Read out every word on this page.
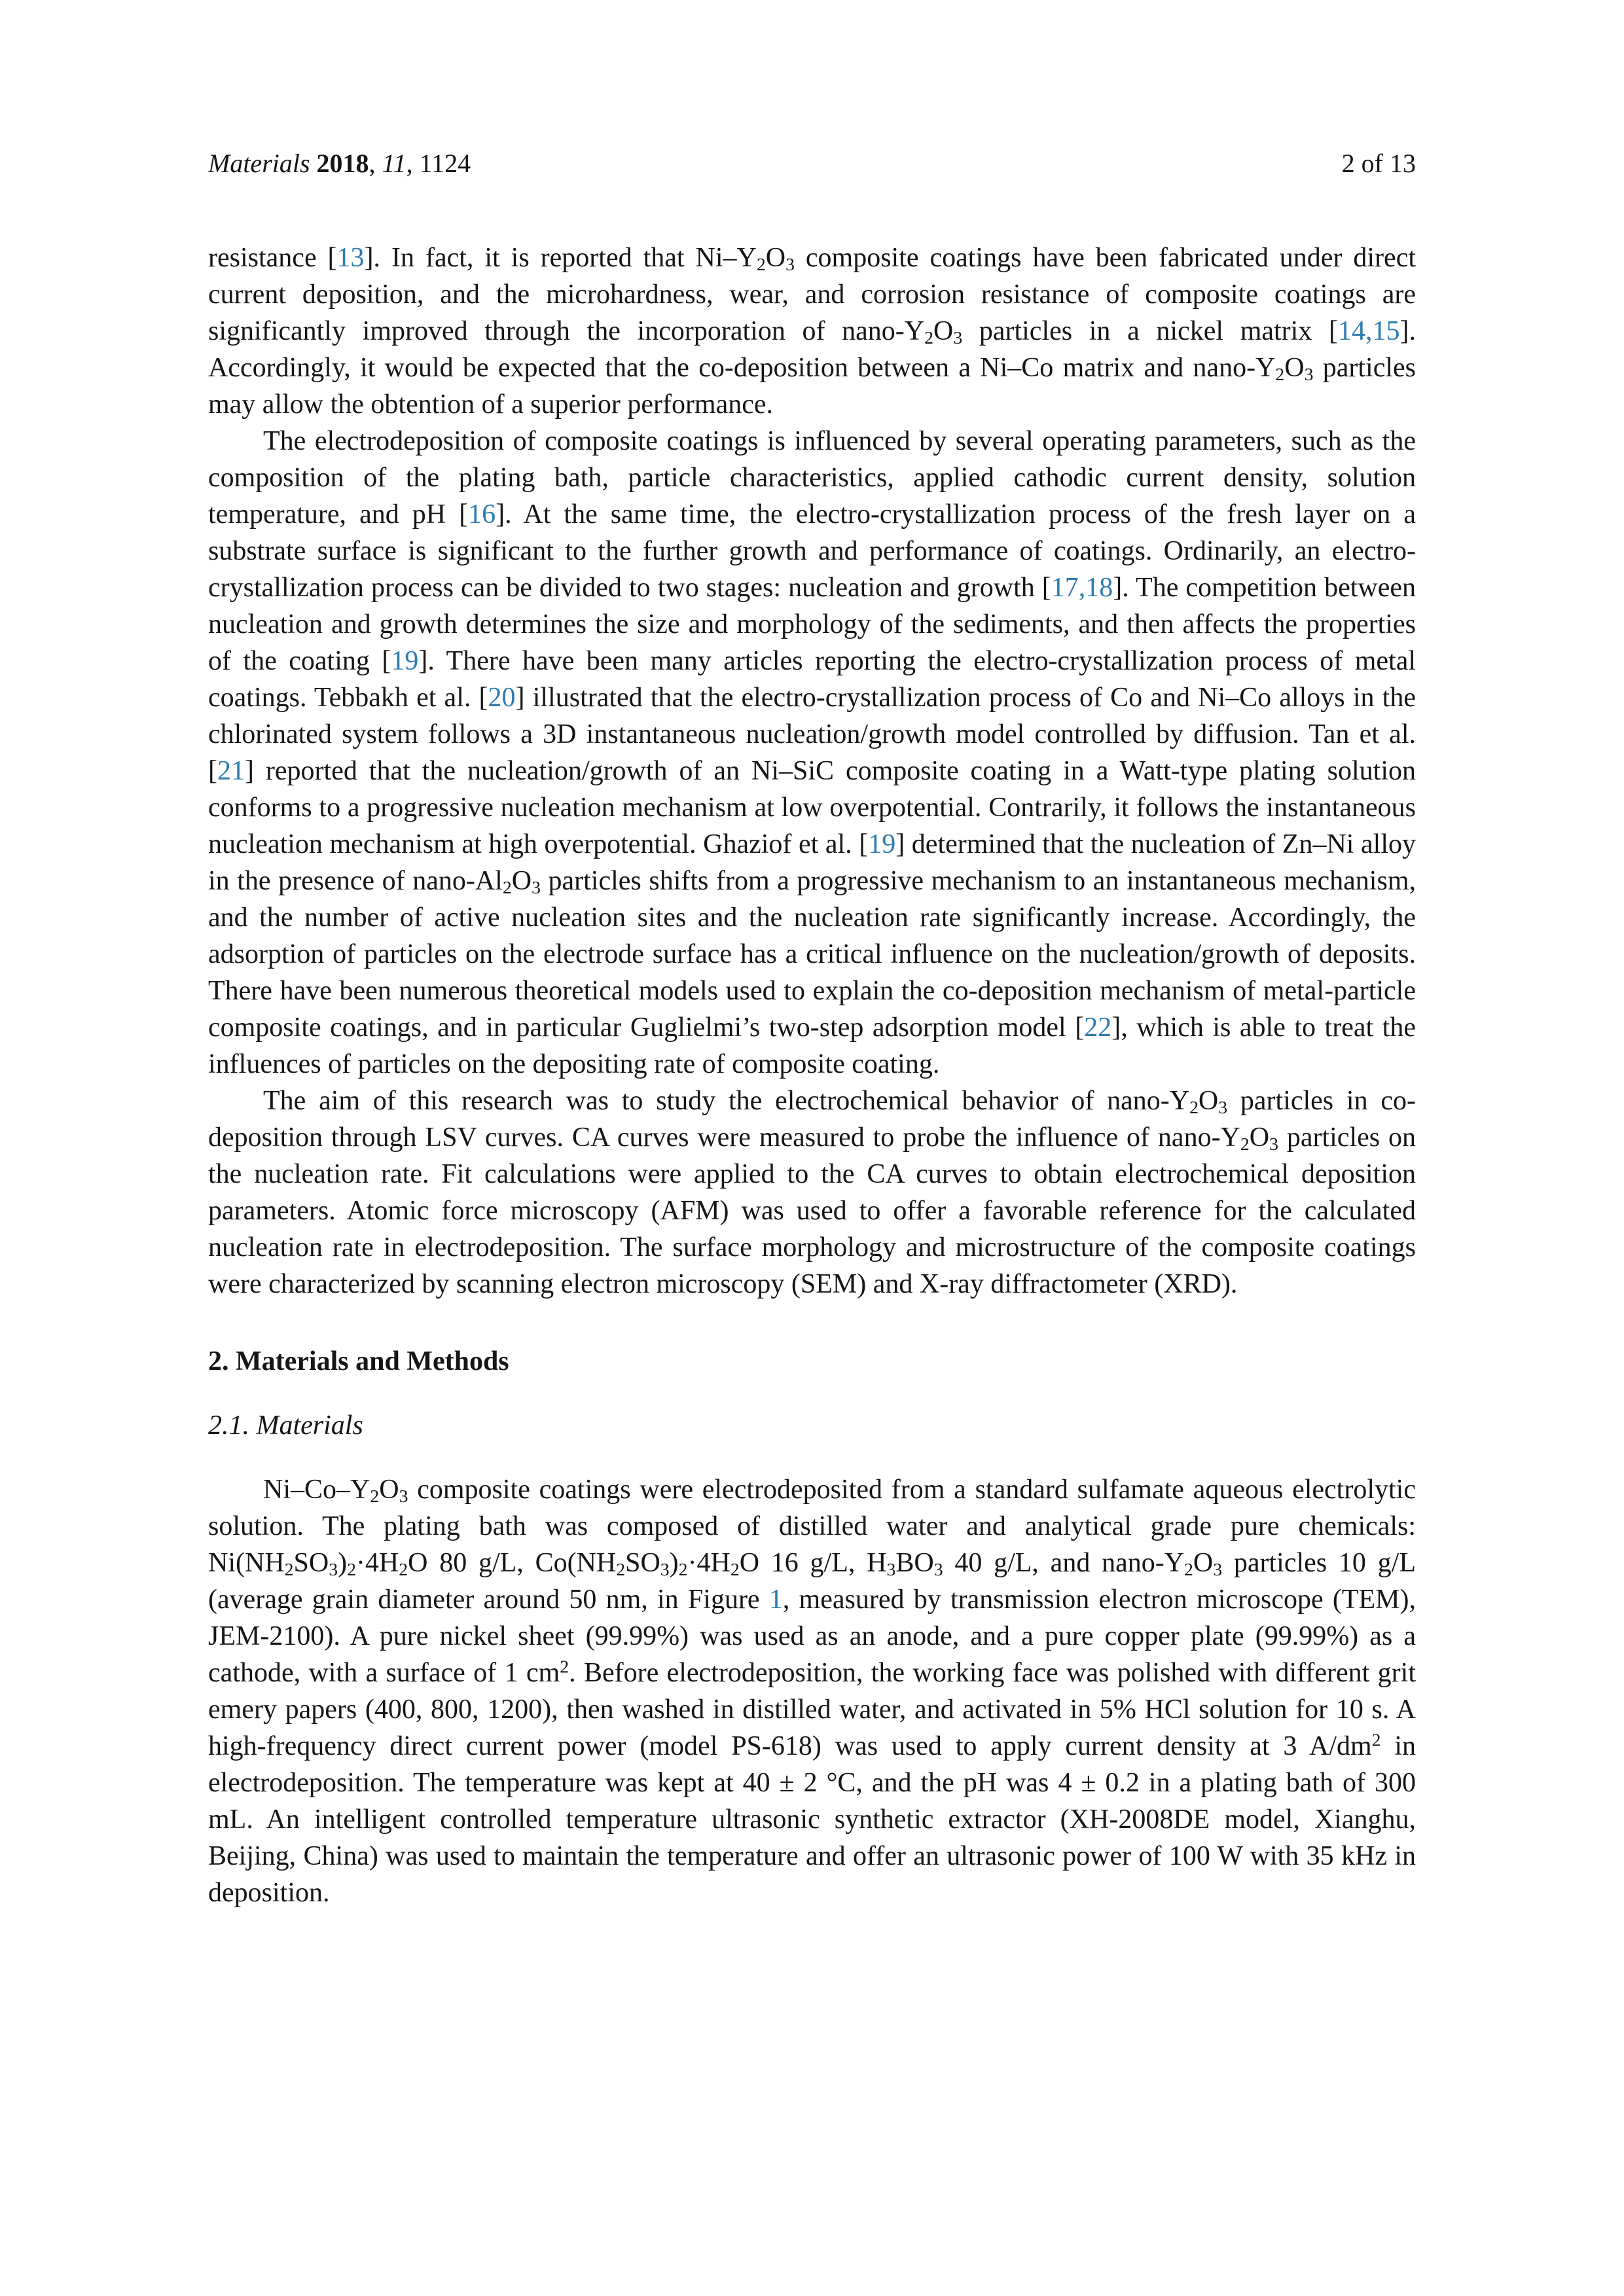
Materials 2018, 11, 1124	2 of 13

resistance [13]. In fact, it is reported that $Ni-Y_2O_3$ composite coatings have been fabricated under direct current deposition, and the microhardness, wear, and corrosion resistance of composite coatings are significantly improved through the incorporation of nano-$Y_2O_3$ particles in a nickel matrix [14,15]. Accordingly, it would be expected that the co-deposition between a Ni–Co matrix and nano-$Y_2O_3$ particles may allow the obtention of a superior performance.

The electrodeposition of composite coatings is influenced by several operating parameters, such as the composition of the plating bath, particle characteristics, applied cathodic current density, solution temperature, and pH [16]. At the same time, the electro-crystallization process of the fresh layer on a substrate surface is significant to the further growth and performance of coatings. Ordinarily, an electro-crystallization process can be divided to two stages: nucleation and growth [17,18]. The competition between nucleation and growth determines the size and morphology of the sediments, and then affects the properties of the coating [19]. There have been many articles reporting the electro-crystallization process of metal coatings. Tebbakh et al. [20] illustrated that the electro-crystallization process of Co and Ni–Co alloys in the chlorinated system follows a 3D instantaneous nucleation/growth model controlled by diffusion. Tan et al. [21] reported that the nucleation/growth of an Ni–SiC composite coating in a Watt-type plating solution conforms to a progressive nucleation mechanism at low overpotential. Contrarily, it follows the instantaneous nucleation mechanism at high overpotential. Ghaziof et al. [19] determined that the nucleation of Zn–Ni alloy in the presence of nano-$Al_2O_3$ particles shifts from a progressive mechanism to an instantaneous mechanism, and the number of active nucleation sites and the nucleation rate significantly increase. Accordingly, the adsorption of particles on the electrode surface has a critical influence on the nucleation/growth of deposits. There have been numerous theoretical models used to explain the co-deposition mechanism of metal-particle composite coatings, and in particular Guglielmi’s two-step adsorption model [22], which is able to treat the influences of particles on the depositing rate of composite coating.

The aim of this research was to study the electrochemical behavior of nano-$Y_2O_3$ particles in co-deposition through LSV curves. CA curves were measured to probe the influence of nano-$Y_2O_3$ particles on the nucleation rate. Fit calculations were applied to the CA curves to obtain electrochemical deposition parameters. Atomic force microscopy (AFM) was used to offer a favorable reference for the calculated nucleation rate in electrodeposition. The surface morphology and microstructure of the composite coatings were characterized by scanning electron microscopy (SEM) and X-ray diffractometer (XRD).

2. Materials and Methods
2.1. Materials

$Ni-Co-Y_2O_3$ composite coatings were electrodeposited from a standard sulfamate aqueous electrolytic solution. The plating bath was composed of distilled water and analytical grade pure chemicals: $Ni(NH_2SO_3)_2\cdot 4H_2O$ 80 g/L, $Co(NH_2SO_3)_2\cdot 4H_2O$ 16 g/L, $H_3BO_3$ 40 g/L, and nano-$Y_2O_3$ particles 10 g/L (average grain diameter around 50 nm, in Figure 1, measured by transmission electron microscope (TEM), JEM-2100). A pure nickel sheet (99.99%) was used as an anode, and a pure copper plate (99.99%) as a cathode, with a surface of 1 $cm^2$. Before electrodeposition, the working face was polished with different grit emery papers (400, 800, 1200), then washed in distilled water, and activated in 5% HCl solution for 10 s. A high-frequency direct current power (model PS-618) was used to apply current density at 3 $A/dm^2$ in electrodeposition. The temperature was kept at 40 ± 2 °C, and the pH was 4 ± 0.2 in a plating bath of 300 mL. An intelligent controlled temperature ultrasonic synthetic extractor (XH-2008DE model, Xianghu, Beijing, China) was used to maintain the temperature and offer an ultrasonic power of 100 W with 35 kHz in deposition.
